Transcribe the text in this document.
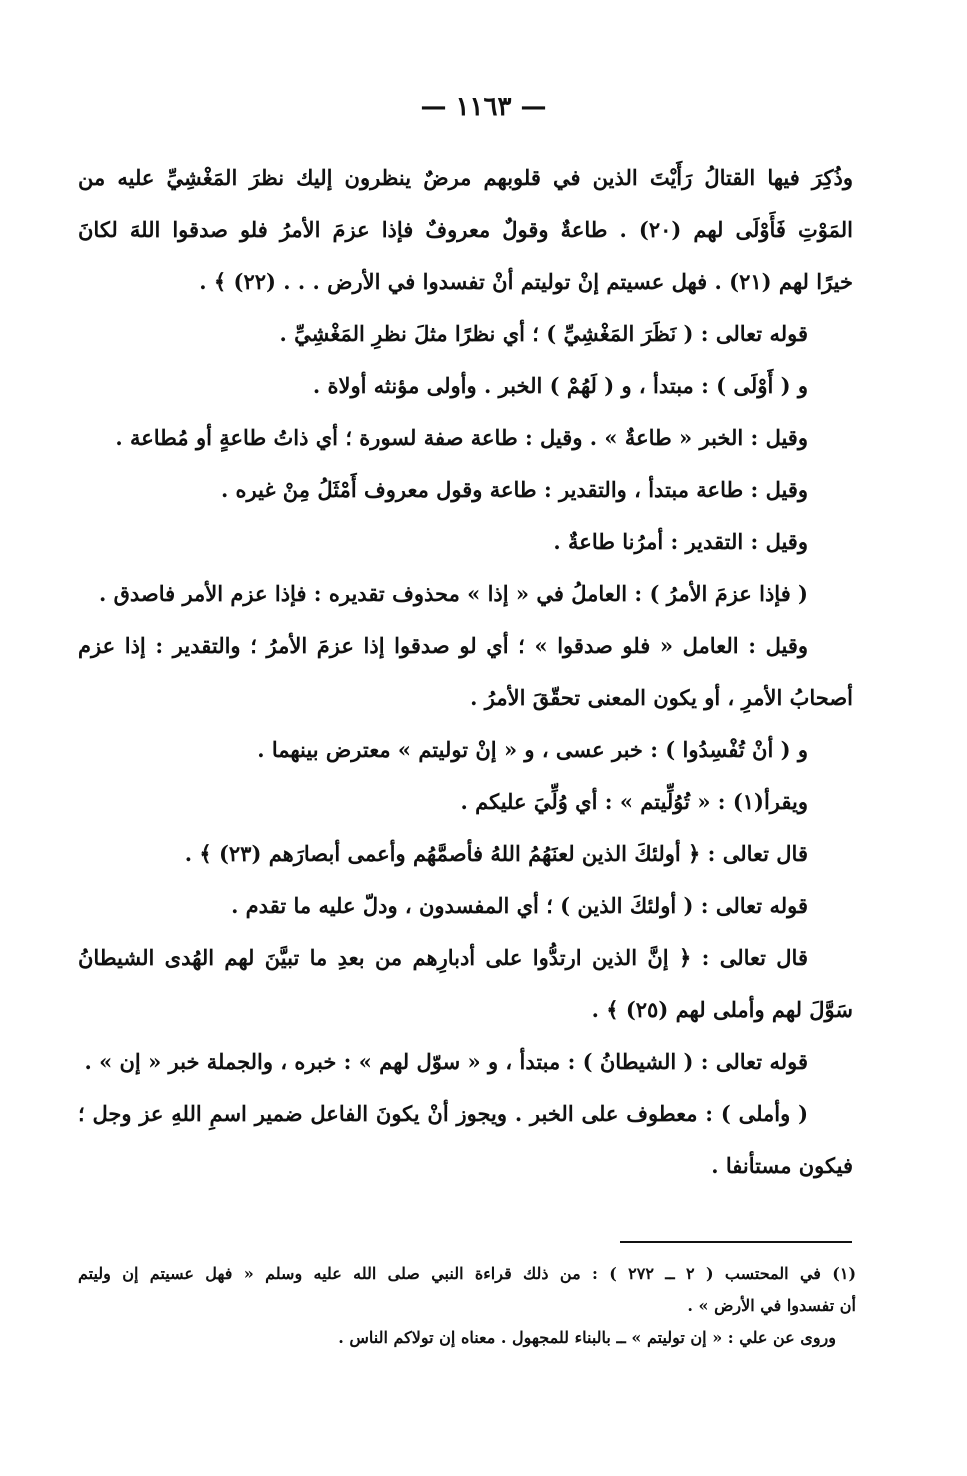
— ١١٦٣ —
وذُكِرَ فيها القتالُ رَأَيْتَ الذين في قلوبهم مرضٌ ينظرون إليك نظرَ المَغْشِيِّ عليه من
المَوْتِ فَأَوْلَى لهم (٢٠) . طاعةٌ وقولٌ معروفٌ فإذا عزمَ الأمرُ فلو صدقوا اللهَ لكانَ
خيرًا لهم (٢١) . فهل عسيتم إنْ توليتم أنْ تفسدوا في الأرض . . . (٢٢) ﴾ .
قوله تعالى : ( نَظَرَ المَغْشِيِّ ) ؛ أي نظرًا مثلَ نظرِ المَغْشِيِّ .
و ( أَوْلَى ) : مبتدأ ، و ( لَهُمْ ) الخبر . وأولى مؤنثه أولاة .
وقيل : الخبر « طاعةٌ » . وقيل : طاعة صفة لسورة ؛ أي ذاتُ طاعةٍ أو مُطاعة .
وقيل : طاعة مبتدأ ، والتقدير : طاعة وقول معروف أَمْثَلُ مِنْ غيره .
وقيل : التقدير : أمرُنا طاعةٌ .
( فإذا عزمَ الأمرُ ) : العاملُ في « إذا » محذوف تقديره : فإذا عزم الأمر فاصدق .
وقيل : العامل « فلو صدقوا » ؛ أي لو صدقوا إذا عزمَ الأمرُ ؛ والتقدير : إذا عزم
أصحابُ الأمرِ ، أو يكون المعنى تحقّقَ الأمرُ .
و ( أنْ تُفْسِدُوا ) : خبر عسى ، و « إنْ توليتم » معترض بينهما .
ويقرأ(١) : « تُوُلِّيتم » : أي وُلِّيَ عليكم .
قال تعالى : ﴿ أولئكَ الذين لعنَهُمُ اللهُ فأصمَّهُم وأعمى أبصارَهم (٢٣) ﴾ .
قوله تعالى : ( أولئكَ الذين ) ؛ أي المفسدون ، ودلّ عليه ما تقدم .
قال تعالى : ﴿ إنَّ الذين ارتدُّوا على أدبارِهم من بعدِ ما تبيَّنَ لهم الهُدى الشيطانُ
سَوَّلَ لهم وأملى لهم (٢٥) ﴾ .
قوله تعالى : ( الشيطانُ ) : مبتدأ ، و « سوّل لهم » : خبره ، والجملة خبر « إن » .
( وأملى ) : معطوف على الخبر . ويجوز أنْ يكونَ الفاعل ضمير اسمِ اللهِ عز وجل ؛
فيكون مستأنفا .
(١) في المحتسب ( ٢ ــ ٢٧٢ ) : من ذلك قراءة النبي صلى الله عليه وسلم « فهل عسيتم إن وليتم
أن تفسدوا في الأرض » .
وروى عن علي : « إن توليتم » ــ بالبناء للمجهول . معناه إن تولاكم الناس .
